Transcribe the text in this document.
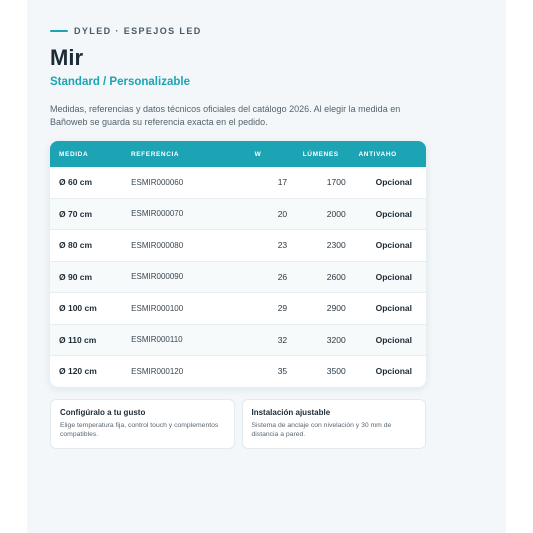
DYLED · ESPEJOS LED
Mir
Standard / Personalizable
Medidas, referencias y datos técnicos oficiales del catálogo 2026. Al elegir la medida en Bañoweb se guarda su referencia exacta en el pedido.
MEDIDA	REFERENCIA	W	LÚMENES	ANTIVAHO
Ø 60 cm	ESMIR000060	17	1700	Opcional
Ø 70 cm	ESMIR000070	20	2000	Opcional
Ø 80 cm	ESMIR000080	23	2300	Opcional
Ø 90 cm	ESMIR000090	26	2600	Opcional
Ø 100 cm	ESMIR000100	29	2900	Opcional
Ø 110 cm	ESMIR000110	32	3200	Opcional
Ø 120 cm	ESMIR000120	35	3500	Opcional
Configúralo a tu gusto
Elige temperatura fija, control touch y complementos compatibles.
Instalación ajustable
Sistema de anclaje con nivelación y 30 mm de distancia a pared.
